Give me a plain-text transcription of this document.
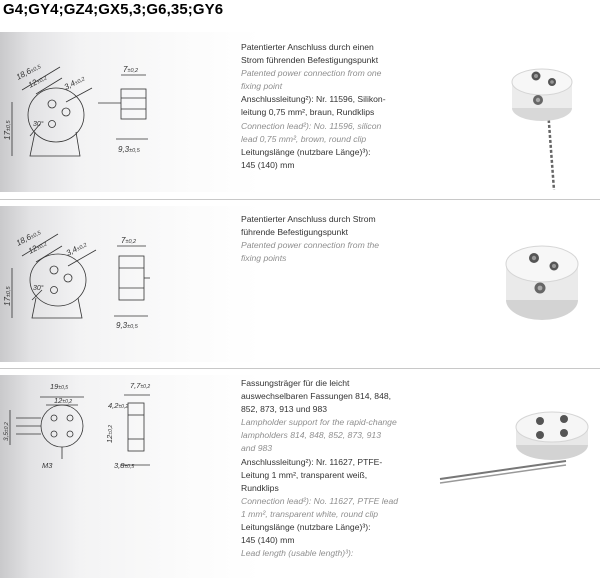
G4;GY4;GZ4;GX5,3;G6,35;GY6
18,6±0,5
12±0,2 3,4±0,2
30°
17±0,5
7±0,2
9,3±0,5
Patentierter Anschluss durch einen
Strom führenden Befestigungspunkt
Patented power connection from one
fixing point
Anschlussleitung²): Nr. 11596, Silikon-
leitung 0,75 mm², braun, Rundklips
Connection lead²): No. 11596, silicon
lead 0,75 mm², brown, round clip
Leitungslänge (nutzbare Länge)³):
145 (140) mm
18,6±0,5
12±0,2 3,4±0,2
30°
17±0,5
7±0,2
9,3±0,5
Patentierter Anschluss durch Strom
führende Befestigungspunkt
Patented power connection from the
fixing points
19±0,5
12±0,2
3,5±0,2
M3
7,7±0,2
4,2±0,2
12±0,2
3,8±0,5
Fassungsträger für die leicht
auswechselbaren Fassungen 814, 848,
852, 873, 913 und 983
Lampholder support for the rapid-change
lampholders 814, 848, 852, 873, 913
and 983
Anschlussleitung²): Nr. 11627, PTFE-
Leitung 1 mm², transparent weiß,
Rundklips
Connection lead²): No. 11627, PTFE lead
1 mm², transparent white, round clip
Leitungslänge (nutzbare Länge)³):
145 (140) mm
Lead length (usable length)³):
